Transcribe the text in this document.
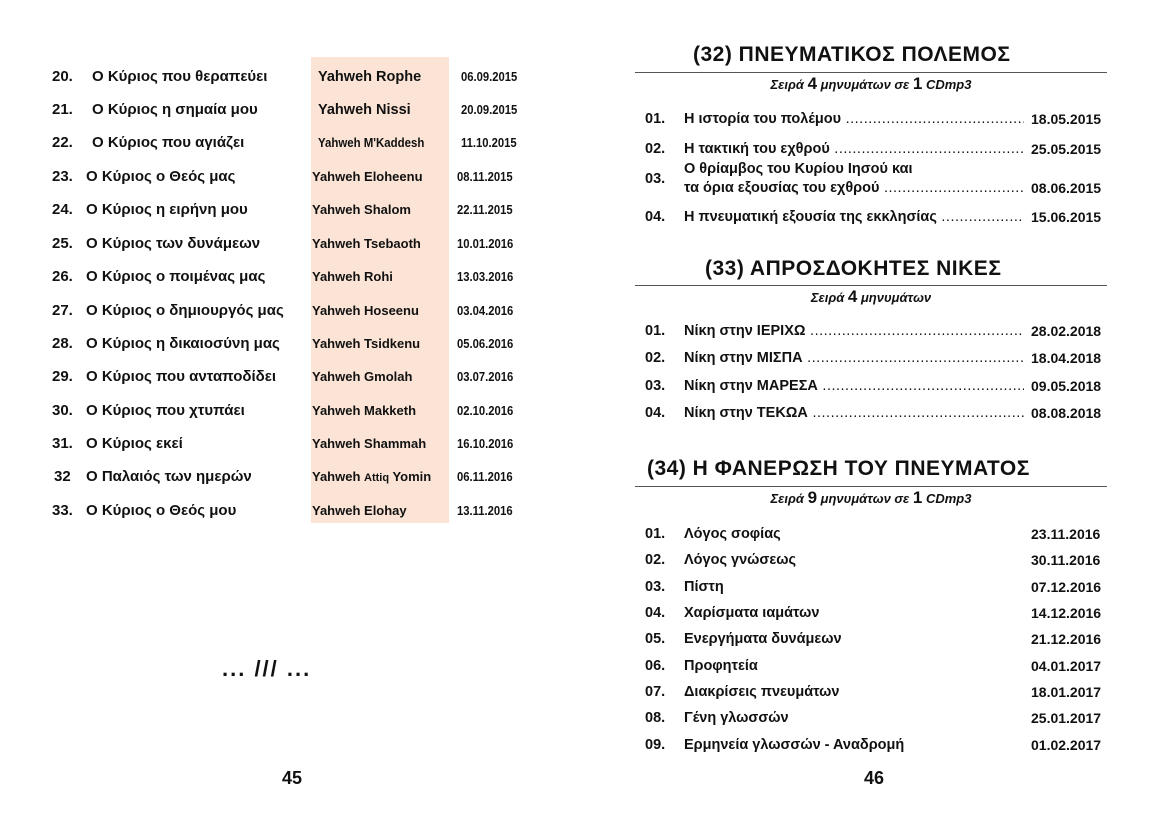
20. Ο Κύριος που θεραπεύει	Yahweh Rophe	06.09.2015
21. Ο Κύριος η σημαία μου	Yahweh Nissi	20.09.2015
22. Ο Κύριος που αγιάζει	Yahweh M'Kaddesh	11.10.2015
23. Ο Κύριος ο Θεός μας	Yahweh Eloheenu	08.11.2015
24. Ο Κύριος η ειρήνη μου	Yahweh Shalom	22.11.2015
25. Ο Κύριος των δυνάμεων	Yahweh Tsebaoth	10.01.2016
26. Ο Κύριος ο ποιμένας μας	Yahweh Rohi	13.03.2016
27. Ο Κύριος ο δημιουργός μας Yahweh Hoseenu	03.04.2016
28. Ο Κύριος η δικαιοσύνη μας Yahweh Tsidkenu	05.06.2016
29. Ο Κύριος που ανταποδίδει	Yahweh Gmolah	03.07.2016
30. Ο Κύριος που χτυπάει	Yahweh Makketh	02.10.2016
31. Ο Κύριος εκεί	Yahweh Shammah 16.10.2016
32 Ο Παλαιός των ημερών	Yahweh Attiq Yomin 06.11.2016
33. Ο Κύριος ο Θεός μου	Yahweh Elohay	13.11.2016
... /// ...
45
(32) ΠΝΕΥΜΑΤΙΚΟΣ ΠΟΛΕΜΟΣ
Σειρά 4 μηνυμάτων σε 1 CDmp3
01. Η ιστορία του πολέμου .....	18.05.2015
02. Η τακτική του εχθρού .....	25.05.2015
03.
Ο θρίαμβος του Κυρίου Ιησού και
τα όρια εξουσίας του εχθρού .....	08.06.2015
04. Η πνευματική εξουσία της εκκλησίας .....	15.06.2015
(33) ΑΠΡΟΣΔΟΚΗΤΕΣ ΝΙΚΕΣ
Σειρά 4 μηνυμάτων
01. Νίκη στην ΙΕΡΙΧΩ .....	28.02.2018
02. Νίκη στην ΜΙΣΠΑ .....	18.04.2018
03. Νίκη στην ΜΑΡΕΣΑ .....	09.05.2018
04. Νίκη στην ΤΕΚΩΑ .....	08.08.2018
(34) Η ΦΑΝΕΡΩΣΗ ΤΟΥ ΠΝΕΥΜΑΤΟΣ
Σειρά 9 μηνυμάτων σε 1 CDmp3
01. Λόγος σοφίας	23.11.2016
02. Λόγος γνώσεως	30.11.2016
03. Πίστη	07.12.2016
04. Χαρίσματα ιαμάτων	14.12.2016
05. Ενεργήματα δυνάμεων	21.12.2016
06. Προφητεία	04.01.2017
07. Διακρίσεις πνευμάτων	18.01.2017
08. Γένη γλωσσών	25.01.2017
09. Ερμηνεία γλωσσών - Αναδρομή	01.02.2017
46
